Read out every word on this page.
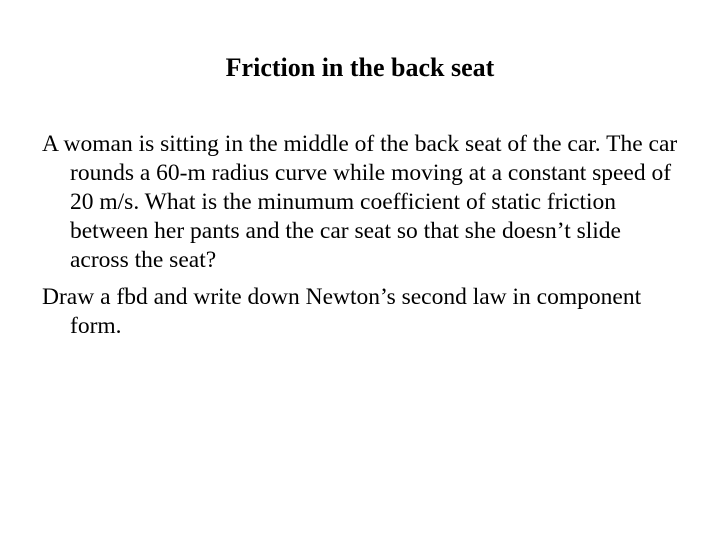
Friction in the back seat

A woman is sitting in the middle of the back seat of the car. The car rounds a 60-m radius curve while moving at a constant speed of 20 m/s. What is the minumum coefficient of static friction between her pants and the car seat so that she doesn’t slide across the seat?

Draw a fbd and write down Newton’s second law in component form.
